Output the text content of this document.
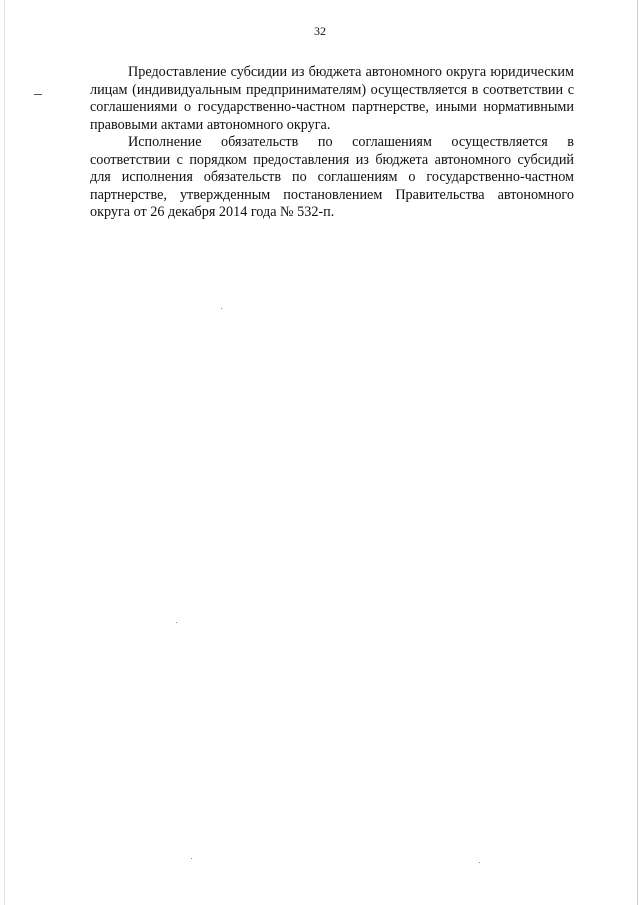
32

Предоставление субсидии из бюджета автономного округа юридическим лицам (индивидуальным предпринимателям) осуществляется в соответствии с соглашениями о государственно-частном партнерстве, иными нормативными правовыми актами автономного округа.

Исполнение обязательств по соглашениям осуществляется в соответствии с порядком предоставления из бюджета автономного субсидий для исполнения обязательств по соглашениям о государственно-частном партнерстве, утвержденным постановлением Правительства автономного округа от 26 декабря 2014 года № 532-п.
